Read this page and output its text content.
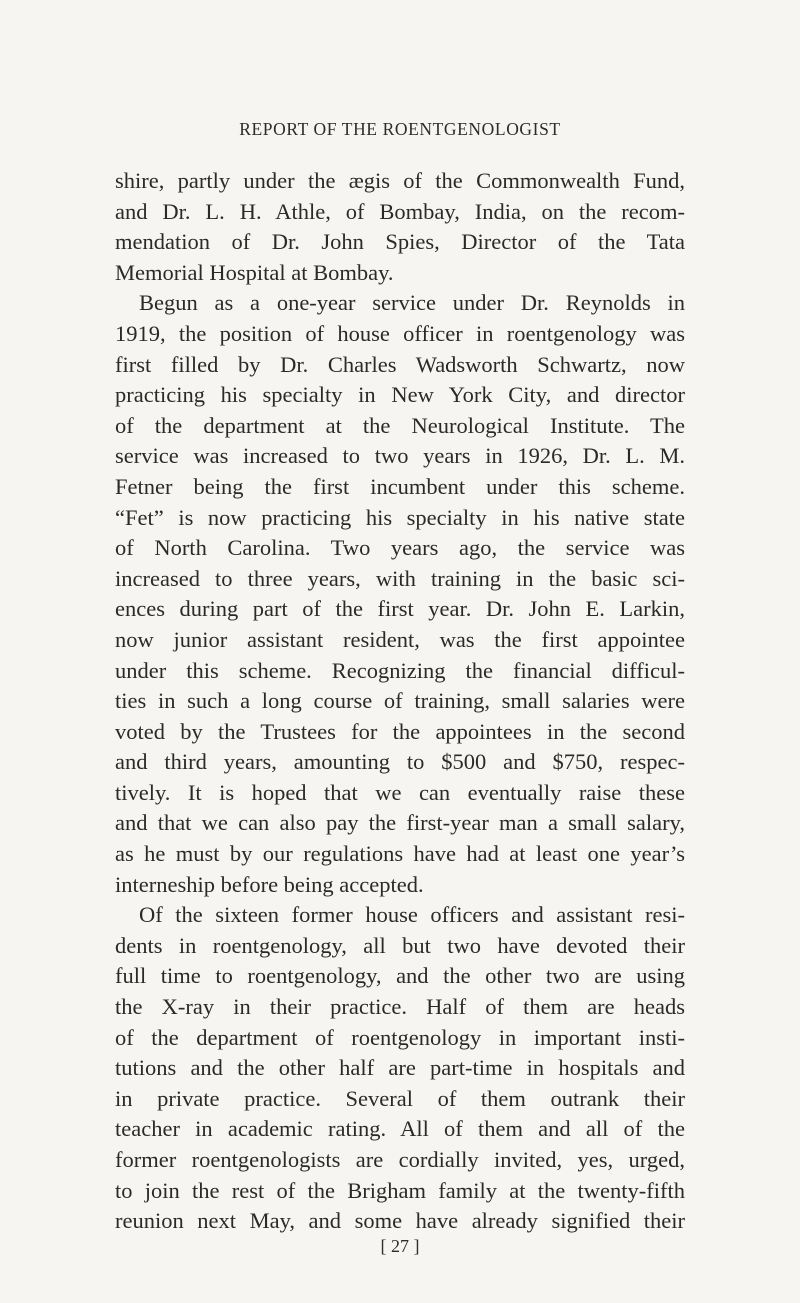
REPORT OF THE ROENTGENOLOGIST
shire, partly under the ægis of the Commonwealth Fund,
and Dr. L. H. Athle, of Bombay, India, on the recom-
mendation of Dr. John Spies, Director of the Tata
Memorial Hospital at Bombay.
Begun as a one-year service under Dr. Reynolds in
1919, the position of house officer in roentgenology was
first filled by Dr. Charles Wadsworth Schwartz, now
practicing his specialty in New York City, and director
of the department at the Neurological Institute. The
service was increased to two years in 1926, Dr. L. M.
Fetner being the first incumbent under this scheme.
“Fet” is now practicing his specialty in his native state
of North Carolina. Two years ago, the service was
increased to three years, with training in the basic sci-
ences during part of the first year. Dr. John E. Larkin,
now junior assistant resident, was the first appointee
under this scheme. Recognizing the financial difficul-
ties in such a long course of training, small salaries were
voted by the Trustees for the appointees in the second
and third years, amounting to $500 and $750, respec-
tively. It is hoped that we can eventually raise these
and that we can also pay the first-year man a small salary,
as he must by our regulations have had at least one year’s
interneship before being accepted.
Of the sixteen former house officers and assistant resi-
dents in roentgenology, all but two have devoted their
full time to roentgenology, and the other two are using
the X-ray in their practice. Half of them are heads
of the department of roentgenology in important insti-
tutions and the other half are part-time in hospitals and
in private practice. Several of them outrank their
teacher in academic rating. All of them and all of the
former roentgenologists are cordially invited, yes, urged,
to join the rest of the Brigham family at the twenty-fifth
reunion next May, and some have already signified their
[ 27 ]
